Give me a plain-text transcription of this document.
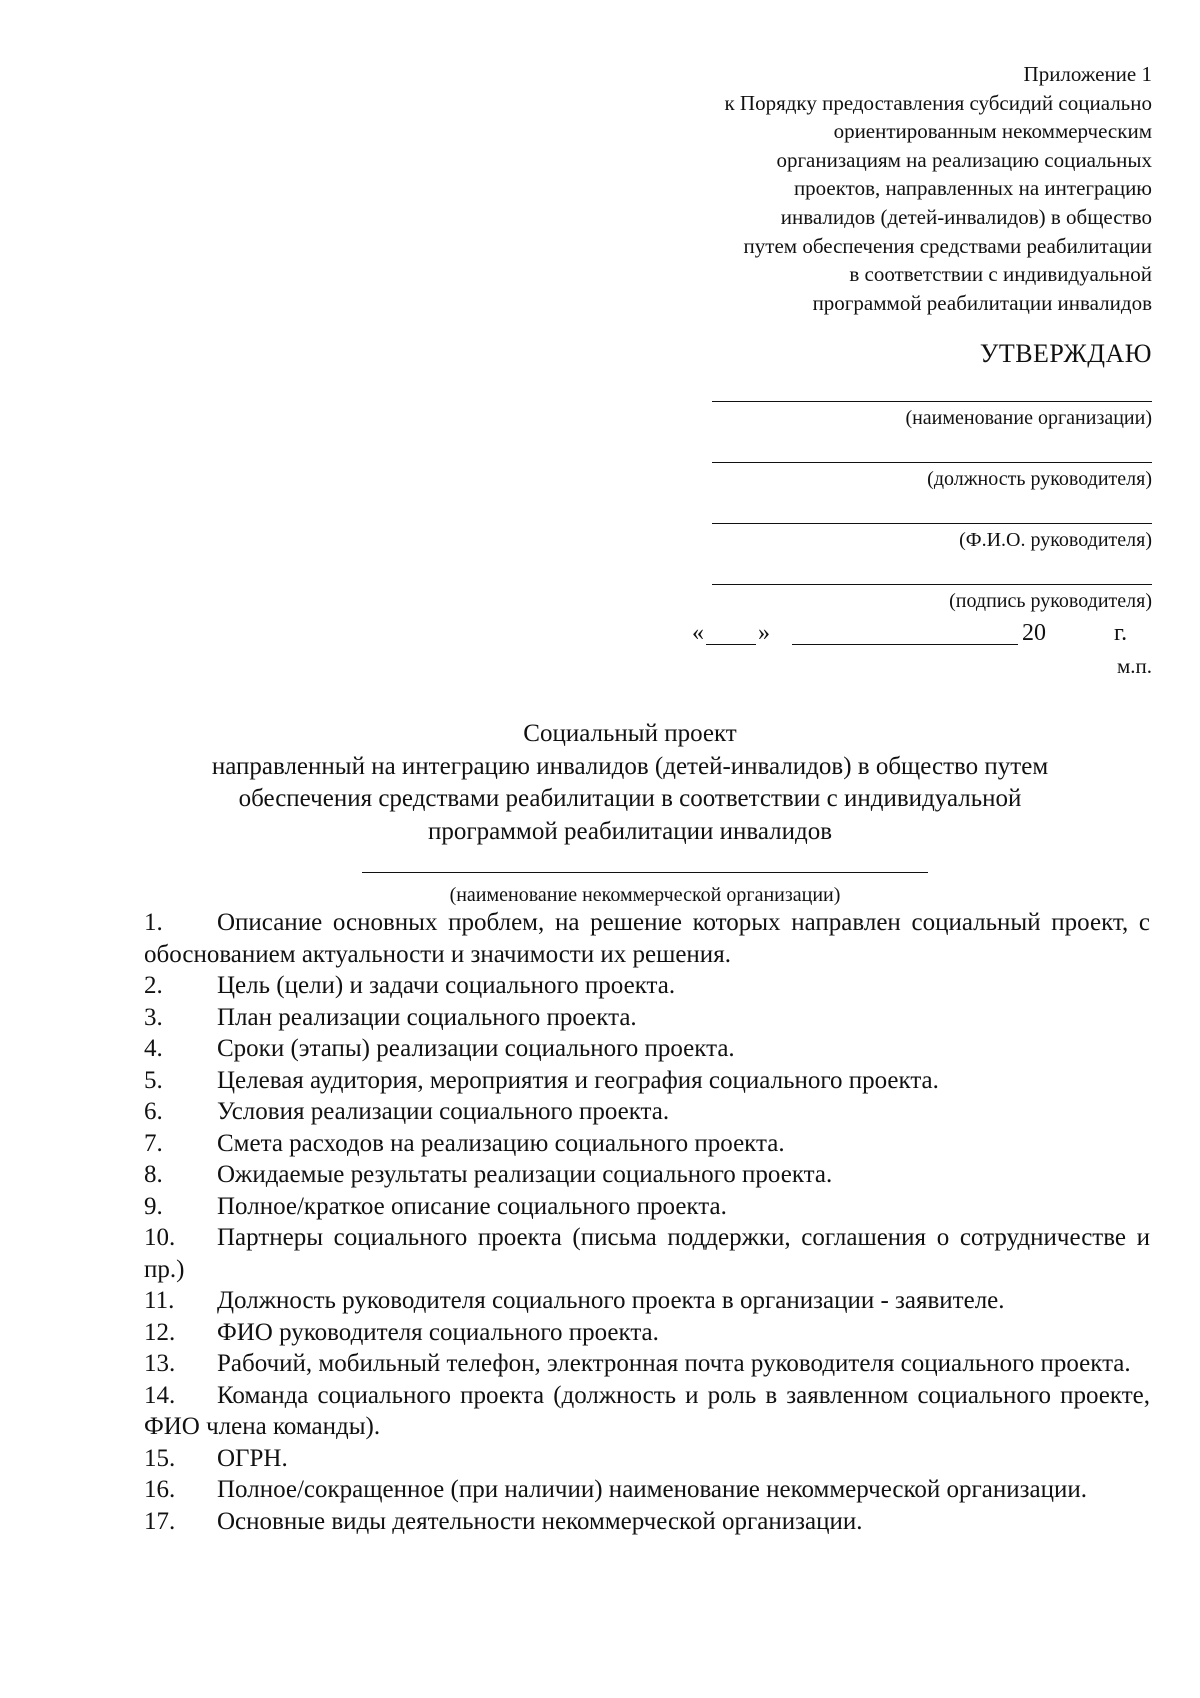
Приложение 1
к Порядку предоставления субсидий социально
ориентированным некоммерческим
организациям на реализацию социальных
проектов, направленных на интеграцию
инвалидов (детей-инвалидов) в общество
путем обеспечения средствами реабилитации
в соответствии с индивидуальной
программой реабилитации инвалидов
УТВЕРЖДАЮ
(наименование организации)
(должность руководителя)
(Ф.И.О. руководителя)
(подпись руководителя)
« »	20	г.
м.п.
Социальный проект
направленный на интеграцию инвалидов (детей-инвалидов) в общество путем
обеспечения средствами реабилитации в соответствии с индивидуальной
программой реабилитации инвалидов
(наименование некоммерческой организации)
1. Описание основных проблем, на решение которых направлен социальный проект, с обоснованием актуальности и значимости их решения.
2. Цель (цели) и задачи социального проекта.
3. План реализации социального проекта.
4. Сроки (этапы) реализации социального проекта.
5. Целевая аудитория, мероприятия и география социального проекта.
6. Условия реализации социального проекта.
7. Смета расходов на реализацию социального проекта.
8. Ожидаемые результаты реализации социального проекта.
9. Полное/краткое описание социального проекта.
10. Партнеры социального проекта (письма поддержки, соглашения о сотрудничестве и пр.)
11. Должность руководителя социального проекта в организации - заявителе.
12. ФИО руководителя социального проекта.
13. Рабочий, мобильный телефон, электронная почта руководителя социального проекта.
14. Команда социального проекта (должность и роль в заявленном социального проекте, ФИО члена команды).
15. ОГРН.
16. Полное/сокращенное (при наличии) наименование некоммерческой организации.
17. Основные виды деятельности некоммерческой организации.
